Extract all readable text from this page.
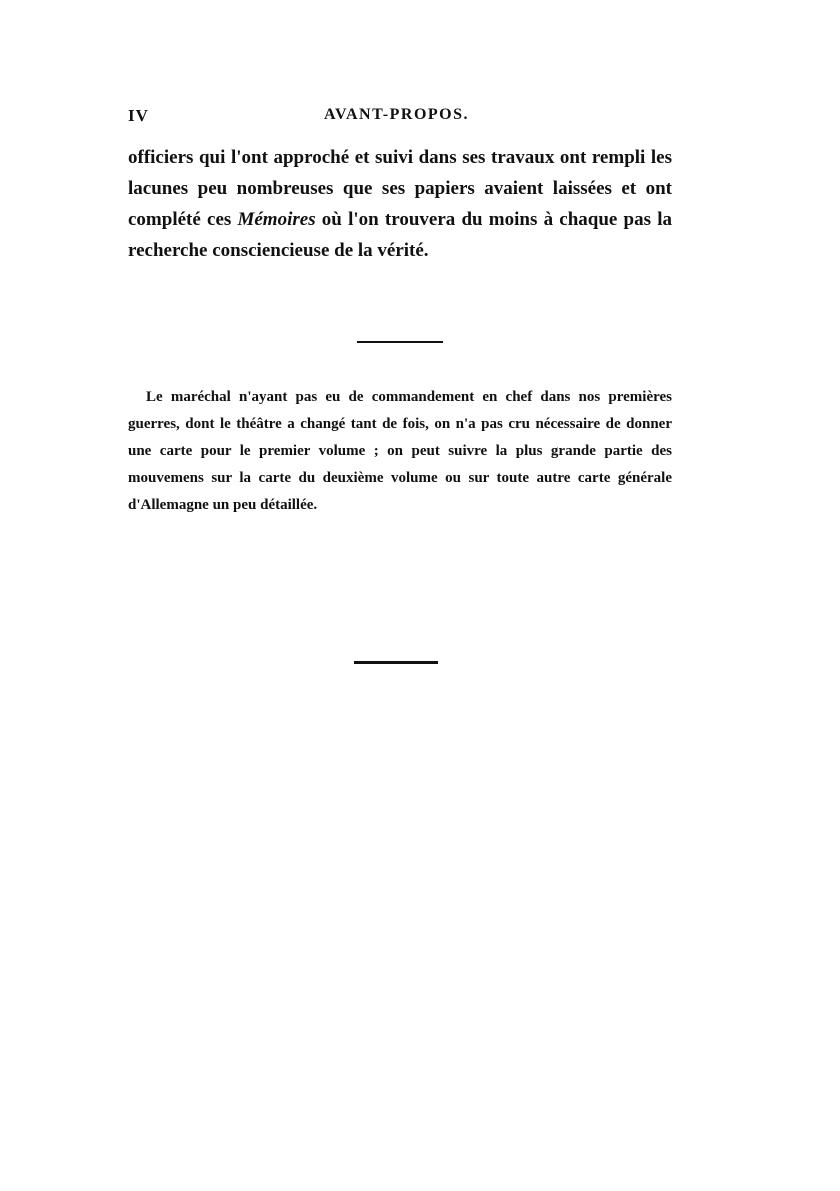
IV	AVANT-PROPOS.

officiers qui l'ont approché et suivi dans ses travaux ont rempli les lacunes peu nombreuses que ses papiers avaient laissées et ont complété ces Mémoires où l'on trouvera du moins à chaque pas la recherche consciencieuse de la vérité.

Le maréchal n'ayant pas eu de commandement en chef dans nos premières guerres, dont le théâtre a changé tant de fois, on n'a pas cru nécessaire de donner une carte pour le premier volume ; on peut suivre la plus grande partie des mouvemens sur la carte du deuxième volume ou sur toute autre carte générale d'Allemagne un peu détaillée.
